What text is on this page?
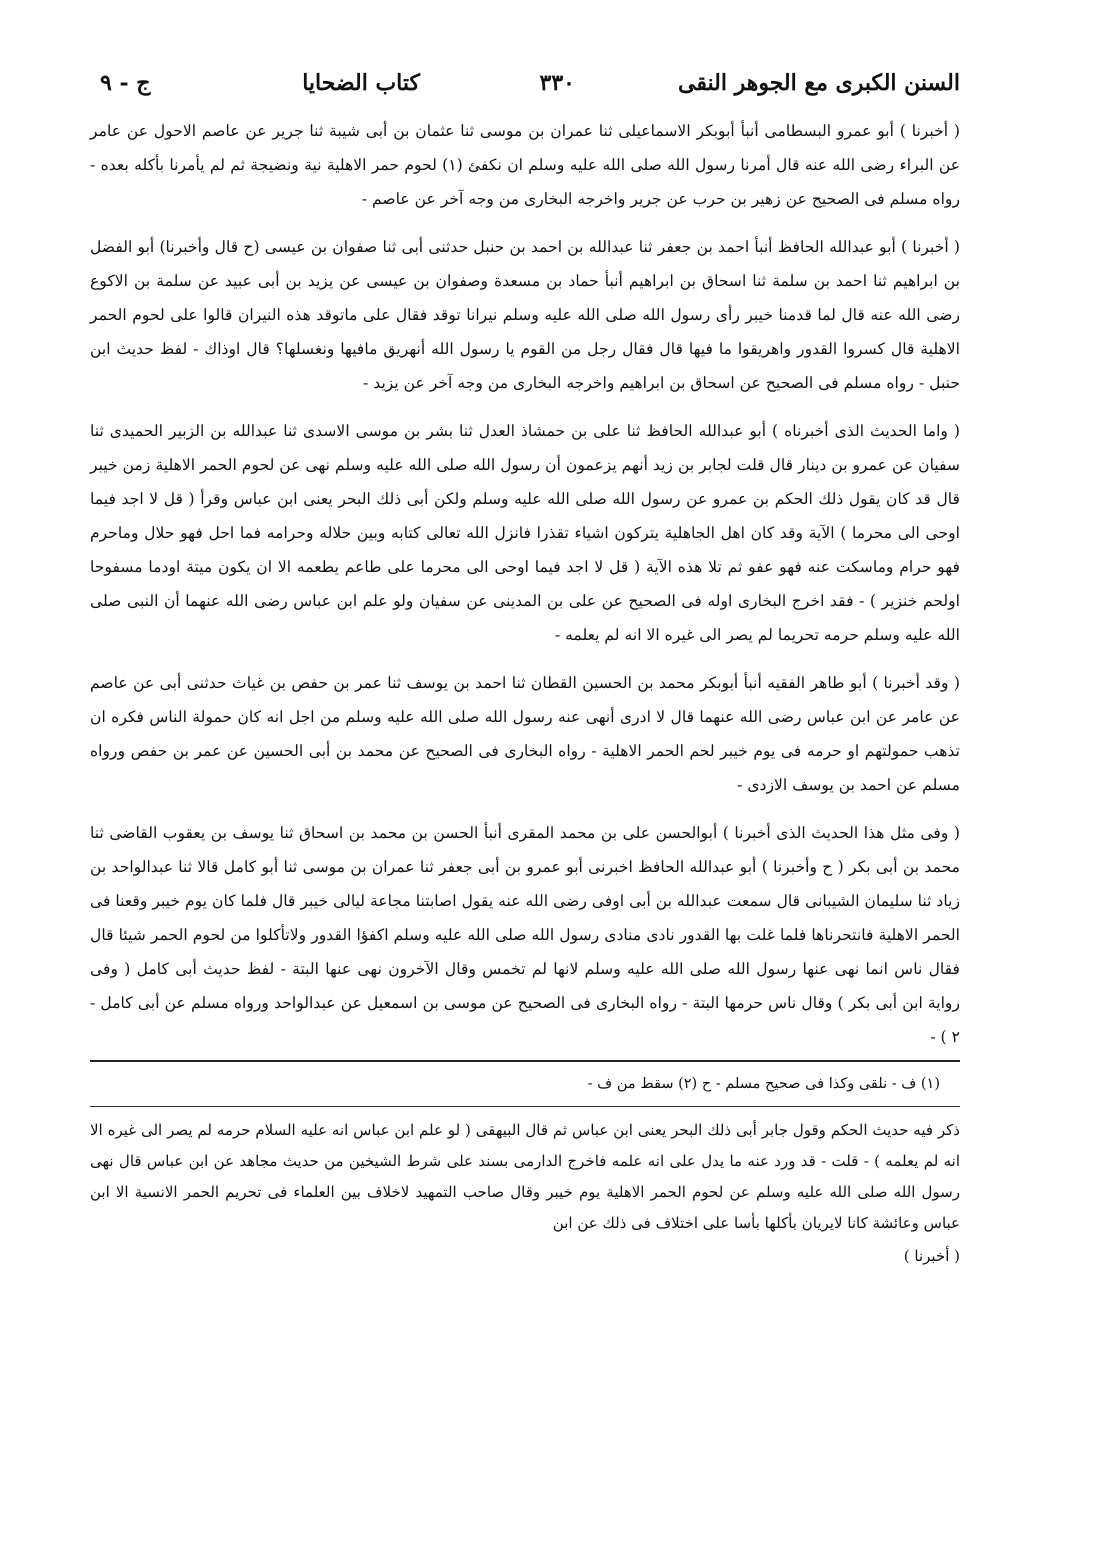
السنن الكبرى مع الجوهر النقى
٣٣٠
كتاب الضحايا
ج - ٩

( أخبرنا ) أبو عمرو البسطامى أنبأ أبوبكر الاسماعيلى ثنا عمران بن موسى ثنا عثمان بن أبى شيبة ثنا جرير عن عاصم الاحول عن عامر عن البراء رضى الله عنه قال أمرنا رسول الله صلى الله عليه وسلم ان نكفئ (١) لحوم حمر الاهلية نية ونضيجة ثم لم يأمرنا بأكله بعده - رواه مسلم فى الصحيح عن زهير بن حرب عن جرير واخرجه البخارى من وجه آخر عن عاصم -

( أخبرنا ) أبو عبدالله الحافظ أنبأ احمد بن جعفر ثنا عبدالله بن احمد بن حنبل حدثنى أبى ثنا صفوان بن عيسى (ح قال وأخبرنا) أبو الفضل بن ابراهيم ثنا احمد بن سلمة ثنا اسحاق بن ابراهيم أنبأ حماد بن مسعدة وصفوان بن عيسى عن يزيد بن أبى عبيد عن سلمة بن الاكوع رضى الله عنه قال لما قدمنا خيبر رأى رسول الله صلى الله عليه وسلم نيرانا توقد فقال على ماتوقد هذه النيران قالوا على لحوم الحمر الاهلية قال كسروا القدور واهريقوا ما فيها قال فقال رجل من القوم يا رسول الله أنهريق مافيها ونغسلها؟ قال اوذاك - لفظ حديث ابن حنبل - رواه مسلم فى الصحيح عن اسحاق بن ابراهيم واخرجه البخارى من وجه آخر عن يزيد -

( واما الحديث الذى أخبرناه ) أبو عبدالله الحافظ ثنا على بن حمشاذ العدل ثنا بشر بن موسى الاسدى ثنا عبدالله بن الزبير الحميدى ثنا سفيان عن عمرو بن دينار قال قلت لجابر بن زيد أنهم يزعمون أن رسول الله صلى الله عليه وسلم نهى عن لحوم الحمر الاهلية زمن خيبر قال قد كان يقول ذلك الحكم بن عمرو عن رسول الله صلى الله عليه وسلم ولكن أبى ذلك البحر يعنى ابن عباس وقرأ ( قل لا اجد فيما اوحى الى محرما ) الآية وقد كان اهل الجاهلية يتركون اشياء تقذرا فانزل الله تعالى كتابه وبين حلاله وحرامه فما احل فهو حلال وماحرم فهو حرام وماسكت عنه فهو عفو ثم تلا هذه الآية ( قل لا اجد فيما اوحى الى محرما على طاعم يطعمه الا ان يكون ميتة اودما مسفوحا اولحم خنزير ) - فقد اخرج البخارى اوله فى الصحيح عن على بن المدينى عن سفيان ولو علم ابن عباس رضى الله عنهما أن النبى صلى الله عليه وسلم حرمه تحريما لم يصر الى غيره الا انه لم يعلمه -

( وقد أخبرنا ) أبو طاهر الفقيه أنبأ أبوبكر محمد بن الحسين القطان ثنا احمد بن يوسف ثنا عمر بن حفص بن غياث حدثنى أبى عن عاصم عن عامر عن ابن عباس رضى الله عنهما قال لا ادرى أنهى عنه رسول الله صلى الله عليه وسلم من اجل انه كان حمولة الناس فكره ان تذهب حمولتهم او حرمه فى يوم خيبر لحم الحمر الاهلية - رواه البخارى فى الصحيح عن محمد بن أبى الحسين عن عمر بن حفص ورواه مسلم عن احمد بن يوسف الازدى -

( وفى مثل هذا الحديث الذى أخبرنا ) أبوالحسن على بن محمد المقرى أنبأ الحسن بن محمد بن اسحاق ثنا يوسف بن يعقوب القاضى ثنا محمد بن أبى بكر ( ح وأخبرنا ) أبو عبدالله الحافظ اخبرنى أبو عمرو بن أبى جعفر ثنا عمران بن موسى ثنا أبو كامل قالا ثنا عبدالواحد بن زياد ثنا سليمان الشيبانى قال سمعت عبدالله بن أبى اوفى رضى الله عنه يقول اصابتنا مجاعة ليالى خيبر قال فلما كان يوم خيبر وقعنا فى الحمر الاهلية فانتحرناها فلما غلت بها القدور نادى منادى رسول الله صلى الله عليه وسلم اكفؤا القدور ولاتأكلوا من لحوم الحمر شيئا قال فقال ناس انما نهى عنها رسول الله صلى الله عليه وسلم لانها لم تخمس وقال الآخرون نهى عنها البتة - لفظ حديث أبى كامل ( وفى رواية ابن أبى بكر ) وقال ناس حرمها البتة - رواه البخارى فى الصحيح عن موسى بن اسمعيل عن عبدالواحد ورواه مسلم عن أبى كامل - ٢ ) -

(١) ف - نلقى وكذا فى صحيح مسلم - ح (٢) سقط من ف -

ذكر فيه حديث الحكم وقول جابر أبى ذلك البحر يعنى ابن عباس ثم قال البيهقى ( لو علم ابن عباس انه عليه السلام حرمه لم يصر الى غيره الا انه لم يعلمه ) - قلت - قد ورد عنه ما يدل على انه علمه فاخرج الدارمى بسند على شرط الشيخين من حديث مجاهد عن ابن عباس قال نهى رسول الله صلى الله عليه وسلم عن لحوم الحمر الاهلية يوم خيبر وقال صاحب التمهيد لاخلاف بين العلماء فى تحريم الحمر الانسية الا ابن عباس وعائشة كانا لايريان بأكلها بأسا على اختلاف فى ذلك عن ابن

( أخبرنا )
